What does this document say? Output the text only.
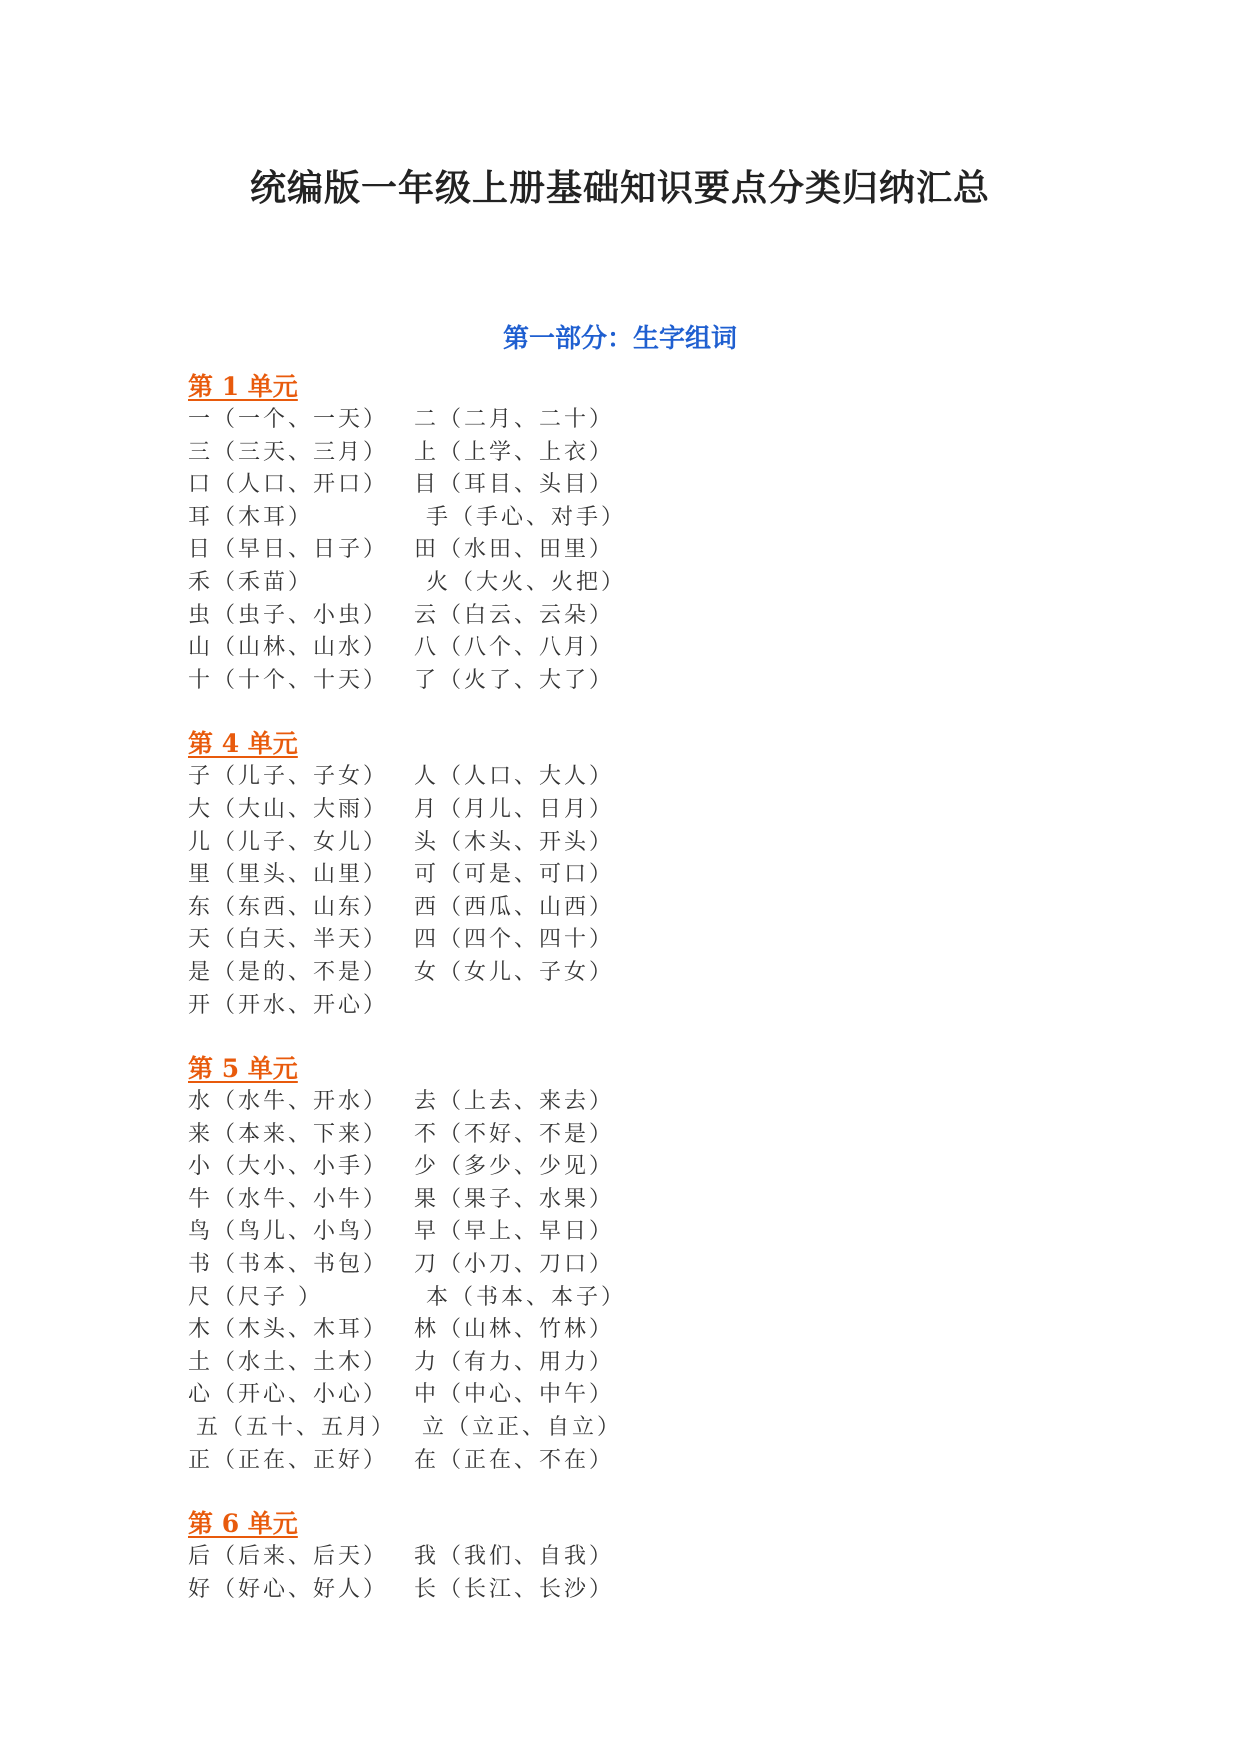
统编版一年级上册基础知识要点分类归纳汇总
第一部分：生字组词
第 1 单元
一（一个、一天）	二（二月、二十）
三（三天、三月）	上（上学、上衣）
口（人口、开口）	目（耳目、头目）
耳（木耳）	手（手心、对手）
日（早日、日子）	田（水田、田里）
禾（禾苗）	火（大火、火把）
虫（虫子、小虫）	云（白云、云朵）
山（山林、山水）	八（八个、八月）
十（十个、十天）	了（火了、大了）
第 4 单元
子（儿子、子女）	人（人口、大人）
大（大山、大雨）	月（月儿、日月）
儿（儿子、女儿）	头（木头、开头）
里（里头、山里）	可（可是、可口）
东（东西、山东）	西（西瓜、山西）
天（白天、半天）	四（四个、四十）
是（是的、不是）	女（女儿、子女）
开（开水、开心）
第 5 单元
水（水牛、开水）	去（上去、来去）
来（本来、下来）	不（不好、不是）
小（大小、小手）	少（多少、少见）
牛（水牛、小牛）	果（果子、水果）
鸟（鸟儿、小鸟）	早（早上、早日）
书（书本、书包）	刀（小刀、刀口）
尺（尺子 ）	本（书本、本子）
木（木头、木耳）	林（山林、竹林）
土（水土、土木）	力（有力、用力）
心（开心、小心）	中（中心、中午）
五（五十、五月）	立（立正、自立）
正（正在、正好）	在（正在、不在）
第 6 单元
后（后来、后天）	我（我们、自我）
好（好心、好人）	长（长江、长沙）
